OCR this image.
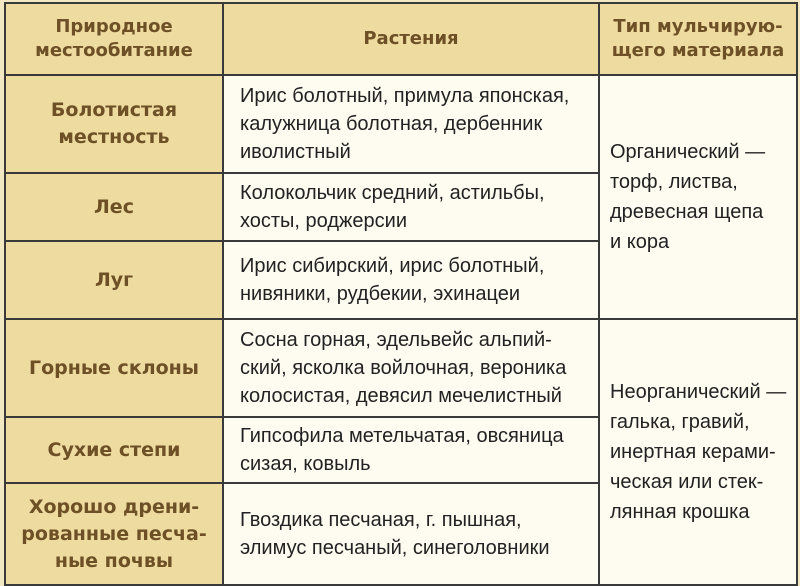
Природное
местообитание	Растения	Тип мульчирую-
щего материала

Болотистая
местность	Ирис болотный, примула японская,
калужница болотная, дербенник
иволистный	Органический —
торф, листва,
древесная щепа
и кора

Лес	Колокольчик средний, астильбы,
хосты, роджерсии	

Луг	Ирис сибирский, ирис болотный,
нивяники, рудбекии, эхинацеи	

Горные склоны	Сосна горная, эдельвейс альпий-
ский, ясколка войлочная, вероника
колосистая, девясил мечелистный	Неорганический —
галька, гравий,
инертная керами-
ческая или стек-
лянная крошка

Сухие степи	Гипсофила метельчатая, овсяница
сизая, ковыль	

Хорошо дрени-
рованные песча-
ные почвы	Гвоздика песчаная, г. пышная,
элимус песчаный, синеголовники	
